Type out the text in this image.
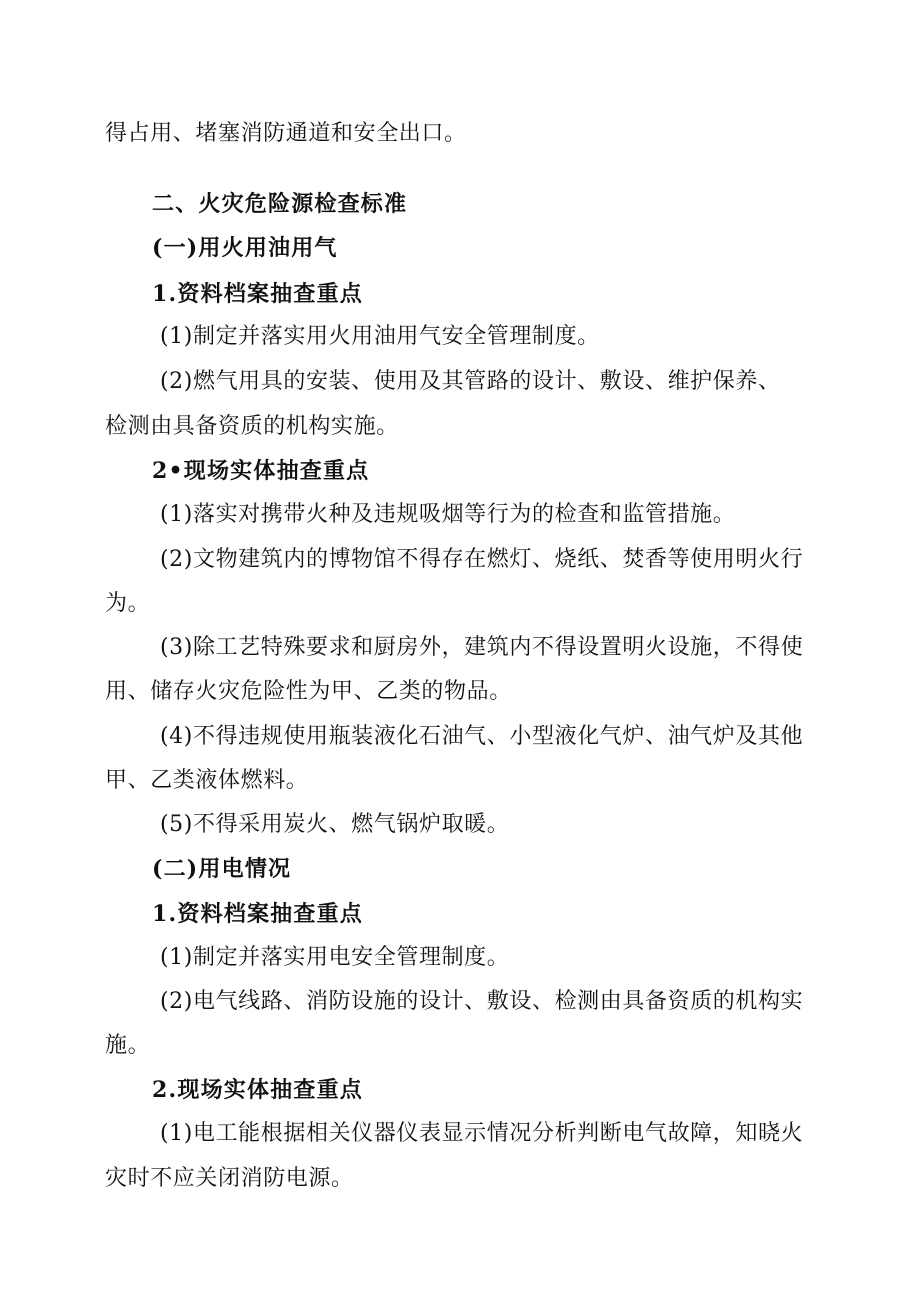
得占用、堵塞消防通道和安全出口。
二、火灾危险源检查标准
(一)用火用油用气
1.资料档案抽查重点
(1)制定并落实用火用油用气安全管理制度。
(2)燃气用具的安装、使用及其管路的设计、敷设、维护保养、
检测由具备资质的机构实施。
2•现场实体抽查重点
(1)落实对携带火种及违规吸烟等行为的检查和监管措施。
(2)文物建筑内的博物馆不得存在燃灯、烧纸、焚香等使用明火行
为。
(3)除工艺特殊要求和厨房外，建筑内不得设置明火设施，不得使
用、储存火灾危险性为甲、乙类的物品。
(4)不得违规使用瓶装液化石油气、小型液化气炉、油气炉及其他
甲、乙类液体燃料。
(5)不得采用炭火、燃气锅炉取暖。
(二)用电情况
1.资料档案抽查重点
(1)制定并落实用电安全管理制度。
(2)电气线路、消防设施的设计、敷设、检测由具备资质的机构实
施。
2.现场实体抽查重点
(1)电工能根据相关仪器仪表显示情况分析判断电气故障，知晓火
灾时不应关闭消防电源。
